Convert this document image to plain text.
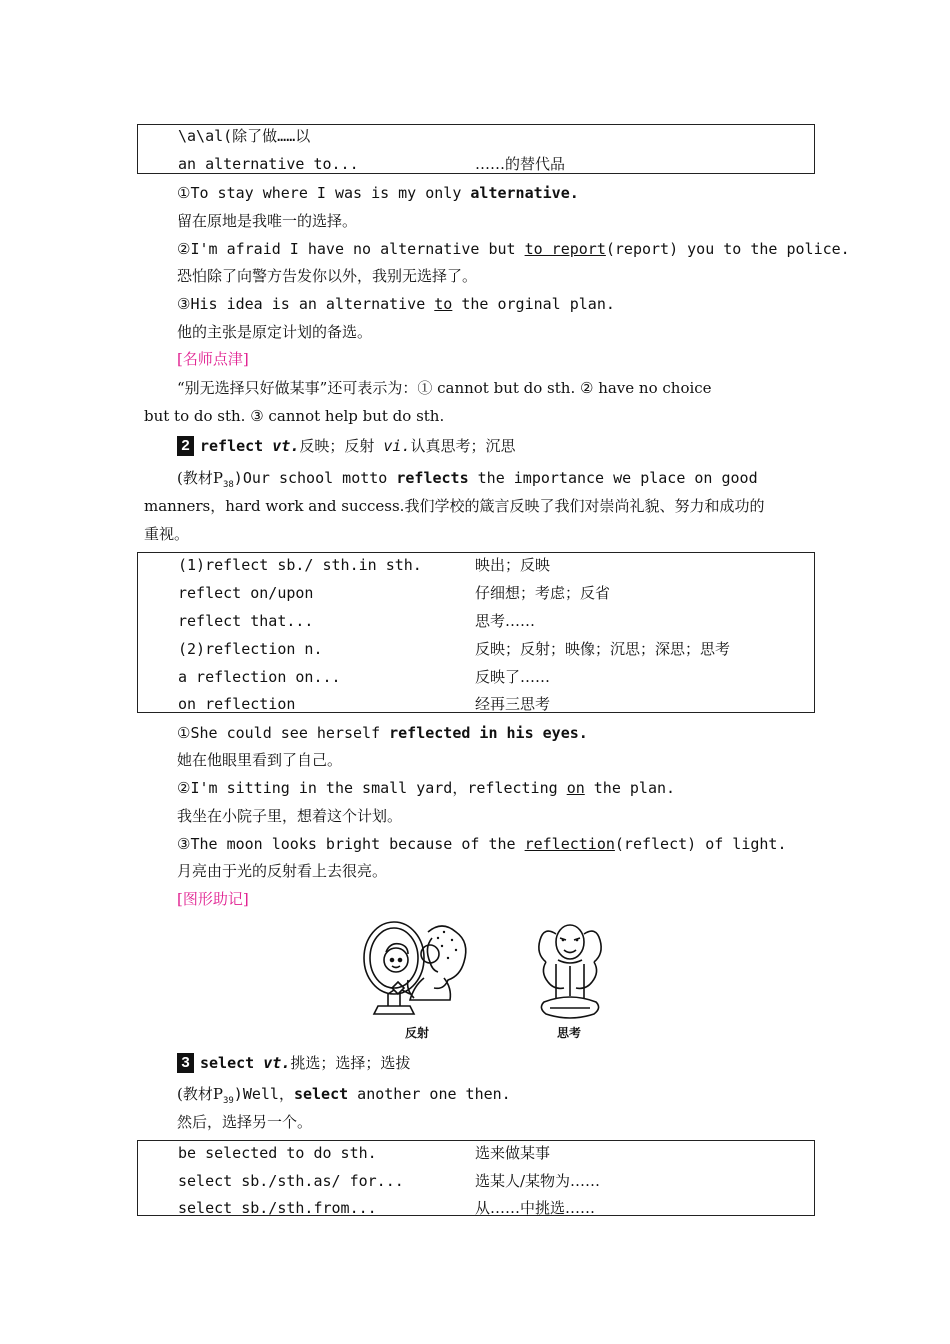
\a\al(除了做……以
an alternative to...	……的替代品
①To stay where I was is my only alternative.
留在原地是我唯一的选择。
②I'm afraid I have no alternative but to report(report) you to the police.
恐怕除了向警方告发你以外，我别无选择了。
③His idea is an alternative to the orginal plan.
他的主张是原定计划的备选。
[名师点津]
“别无选择只好做某事”还可表示为：① cannot but do sth. ② have no choice
but to do sth. ③ cannot help but do sth.
2 reflect vt.反映；反射 vi.认真思考；沉思
(教材$P_{38})Our$ school motto reflects the importance we place on good
manners，hard work and success.我们学校的箴言反映了我们对崇尚礼貌、努力和成功的
重视。
(1)reflect sb./ sth.in sth.	映出；反映
reflect on/upon	仔细想；考虑；反省
reflect that...	思考……
(2)reflection n.	反映；反射；映像；沉思；深思；思考
a reflection on...	反映了……
on reflection	经再三思考
①She could see herself reflected in his eyes.
她在他眼里看到了自己。
②I'm sitting in the small yard，reflecting on the plan.
我坐在小院子里，想着这个计划。
③The moon looks bright because of the reflection(reflect) of light.
月亮由于光的反射看上去很亮。
[图形助记]
反射	思考
3 select vt.挑选；选择；选拔
(教材$P_{39})Well$，select another one then.
然后，选择另一个。
be selected to do sth.	选来做某事
select sb./sth.as/ for...	选某人/某物为……
select sb./sth.from...	从……中挑选……
